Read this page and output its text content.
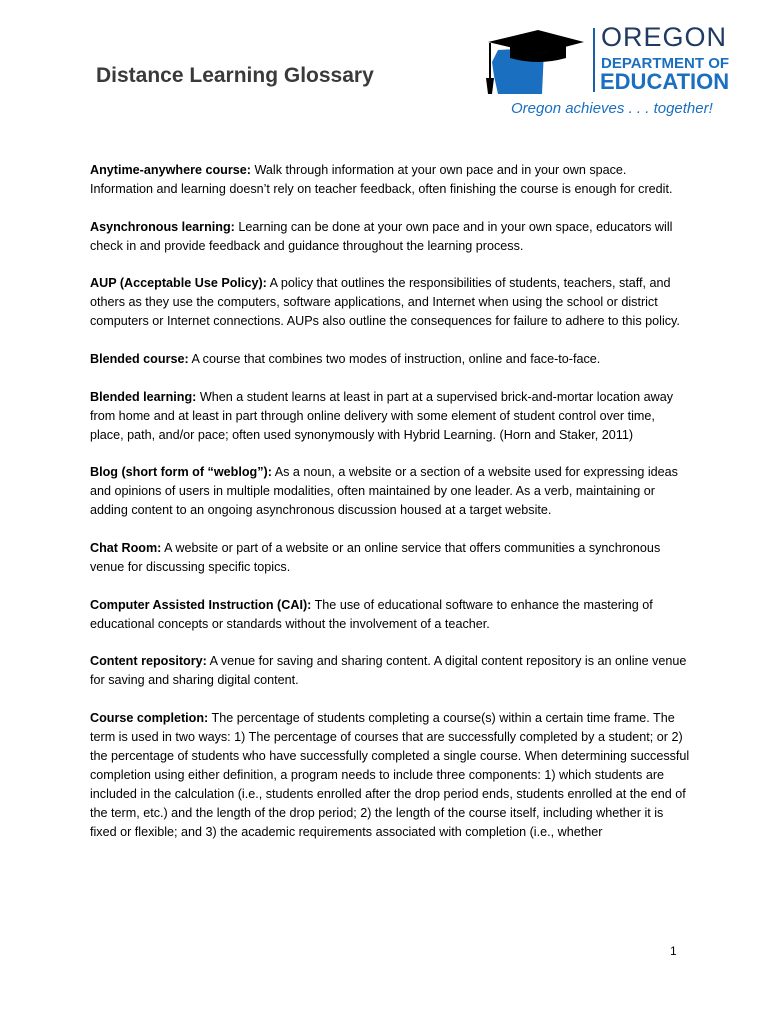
Distance Learning Glossary
OREGON
DEPARTMENT OF
EDUCATION
Oregon achieves . . . together!

Anytime-anywhere course: Walk through information at your own pace and in your own space. Information and learning doesn’t rely on teacher feedback, often finishing the course is enough for credit.

Asynchronous learning: Learning can be done at your own pace and in your own space, educators will check in and provide feedback and guidance throughout the learning process.

AUP (Acceptable Use Policy): A policy that outlines the responsibilities of students, teachers, staff, and others as they use the computers, software applications, and Internet when using the school or district computers or Internet connections. AUPs also outline the consequences for failure to adhere to this policy.

Blended course: A course that combines two modes of instruction, online and face-to-face.

Blended learning: When a student learns at least in part at a supervised brick-and-mortar location away from home and at least in part through online delivery with some element of student control over time, place, path, and/or pace; often used synonymously with Hybrid Learning. (Horn and Staker, 2011)

Blog (short form of “weblog”): As a noun, a website or a section of a website used for expressing ideas and opinions of users in multiple modalities, often maintained by one leader. As a verb, maintaining or adding content to an ongoing asynchronous discussion housed at a target website.

Chat Room: A website or part of a website or an online service that offers communities a synchronous venue for discussing specific topics.

Computer Assisted Instruction (CAI): The use of educational software to enhance the mastering of educational concepts or standards without the involvement of a teacher.

Content repository: A venue for saving and sharing content. A digital content repository is an online venue for saving and sharing digital content.

Course completion: The percentage of students completing a course(s) within a certain time frame. The term is used in two ways: 1) The percentage of courses that are successfully completed by a student; or 2) the percentage of students who have successfully completed a single course. When determining successful completion using either definition, a program needs to include three components: 1) which students are included in the calculation (i.e., students enrolled after the drop period ends, students enrolled at the end of the term, etc.) and the length of the drop period; 2) the length of the course itself, including whether it is fixed or flexible; and 3) the academic requirements associated with completion (i.e., whether

1
